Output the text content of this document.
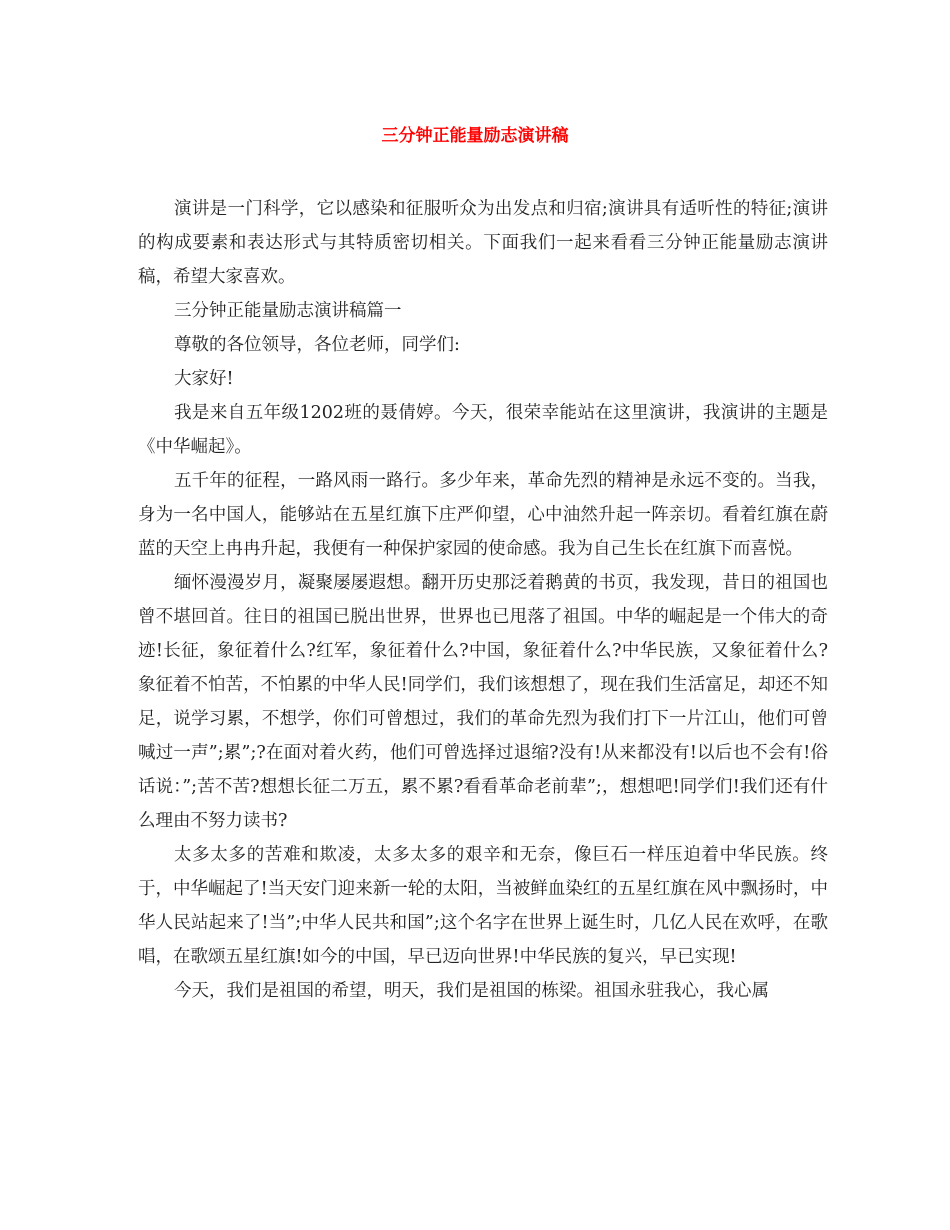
三分钟正能量励志演讲稿

演讲是一门科学，它以感染和征服听众为出发点和归宿;演讲具有适听性的特征;演讲的构成要素和表达形式与其特质密切相关。下面我们一起来看看三分钟正能量励志演讲稿，希望大家喜欢。

三分钟正能量励志演讲稿篇一

尊敬的各位领导，各位老师，同学们:

大家好!

我是来自五年级1202班的聂倩婷。今天，很荣幸能站在这里演讲，我演讲的主题是《中华崛起》。

五千年的征程，一路风雨一路行。多少年来，革命先烈的精神是永远不变的。当我，身为一名中国人，能够站在五星红旗下庄严仰望，心中油然升起一阵亲切。看着红旗在蔚蓝的天空上冉冉升起，我便有一种保护家园的使命感。我为自己生长在红旗下而喜悦。

缅怀漫漫岁月，凝聚屡屡遐想。翻开历史那泛着鹅黄的书页，我发现，昔日的祖国也曾不堪回首。往日的祖国已脱出世界，世界也已甩落了祖国。中华的崛起是一个伟大的奇迹!长征，象征着什么?红军，象征着什么?中国，象征着什么?中华民族，又象征着什么?象征着不怕苦，不怕累的中华人民!同学们，我们该想想了，现在我们生活富足，却还不知足，说学习累，不想学，你们可曾想过，我们的革命先烈为我们打下一片江山，他们可曾喊过一声”;累”;?在面对着火药，他们可曾选择过退缩?没有!从来都没有!以后也不会有!俗话说：”;苦不苦?想想长征二万五，累不累?看看革命老前辈”;，想想吧!同学们!我们还有什么理由不努力读书?

太多太多的苦难和欺凌，太多太多的艰辛和无奈，像巨石一样压迫着中华民族。终于，中华崛起了!当天安门迎来新一轮的太阳，当被鲜血染红的五星红旗在风中飘扬时，中华人民站起来了!当”;中华人民共和国”;这个名字在世界上诞生时，几亿人民在欢呼，在歌唱，在歌颂五星红旗!如今的中国，早已迈向世界!中华民族的复兴，早已实现!

今天，我们是祖国的希望，明天，我们是祖国的栋梁。祖国永驻我心，我心属
